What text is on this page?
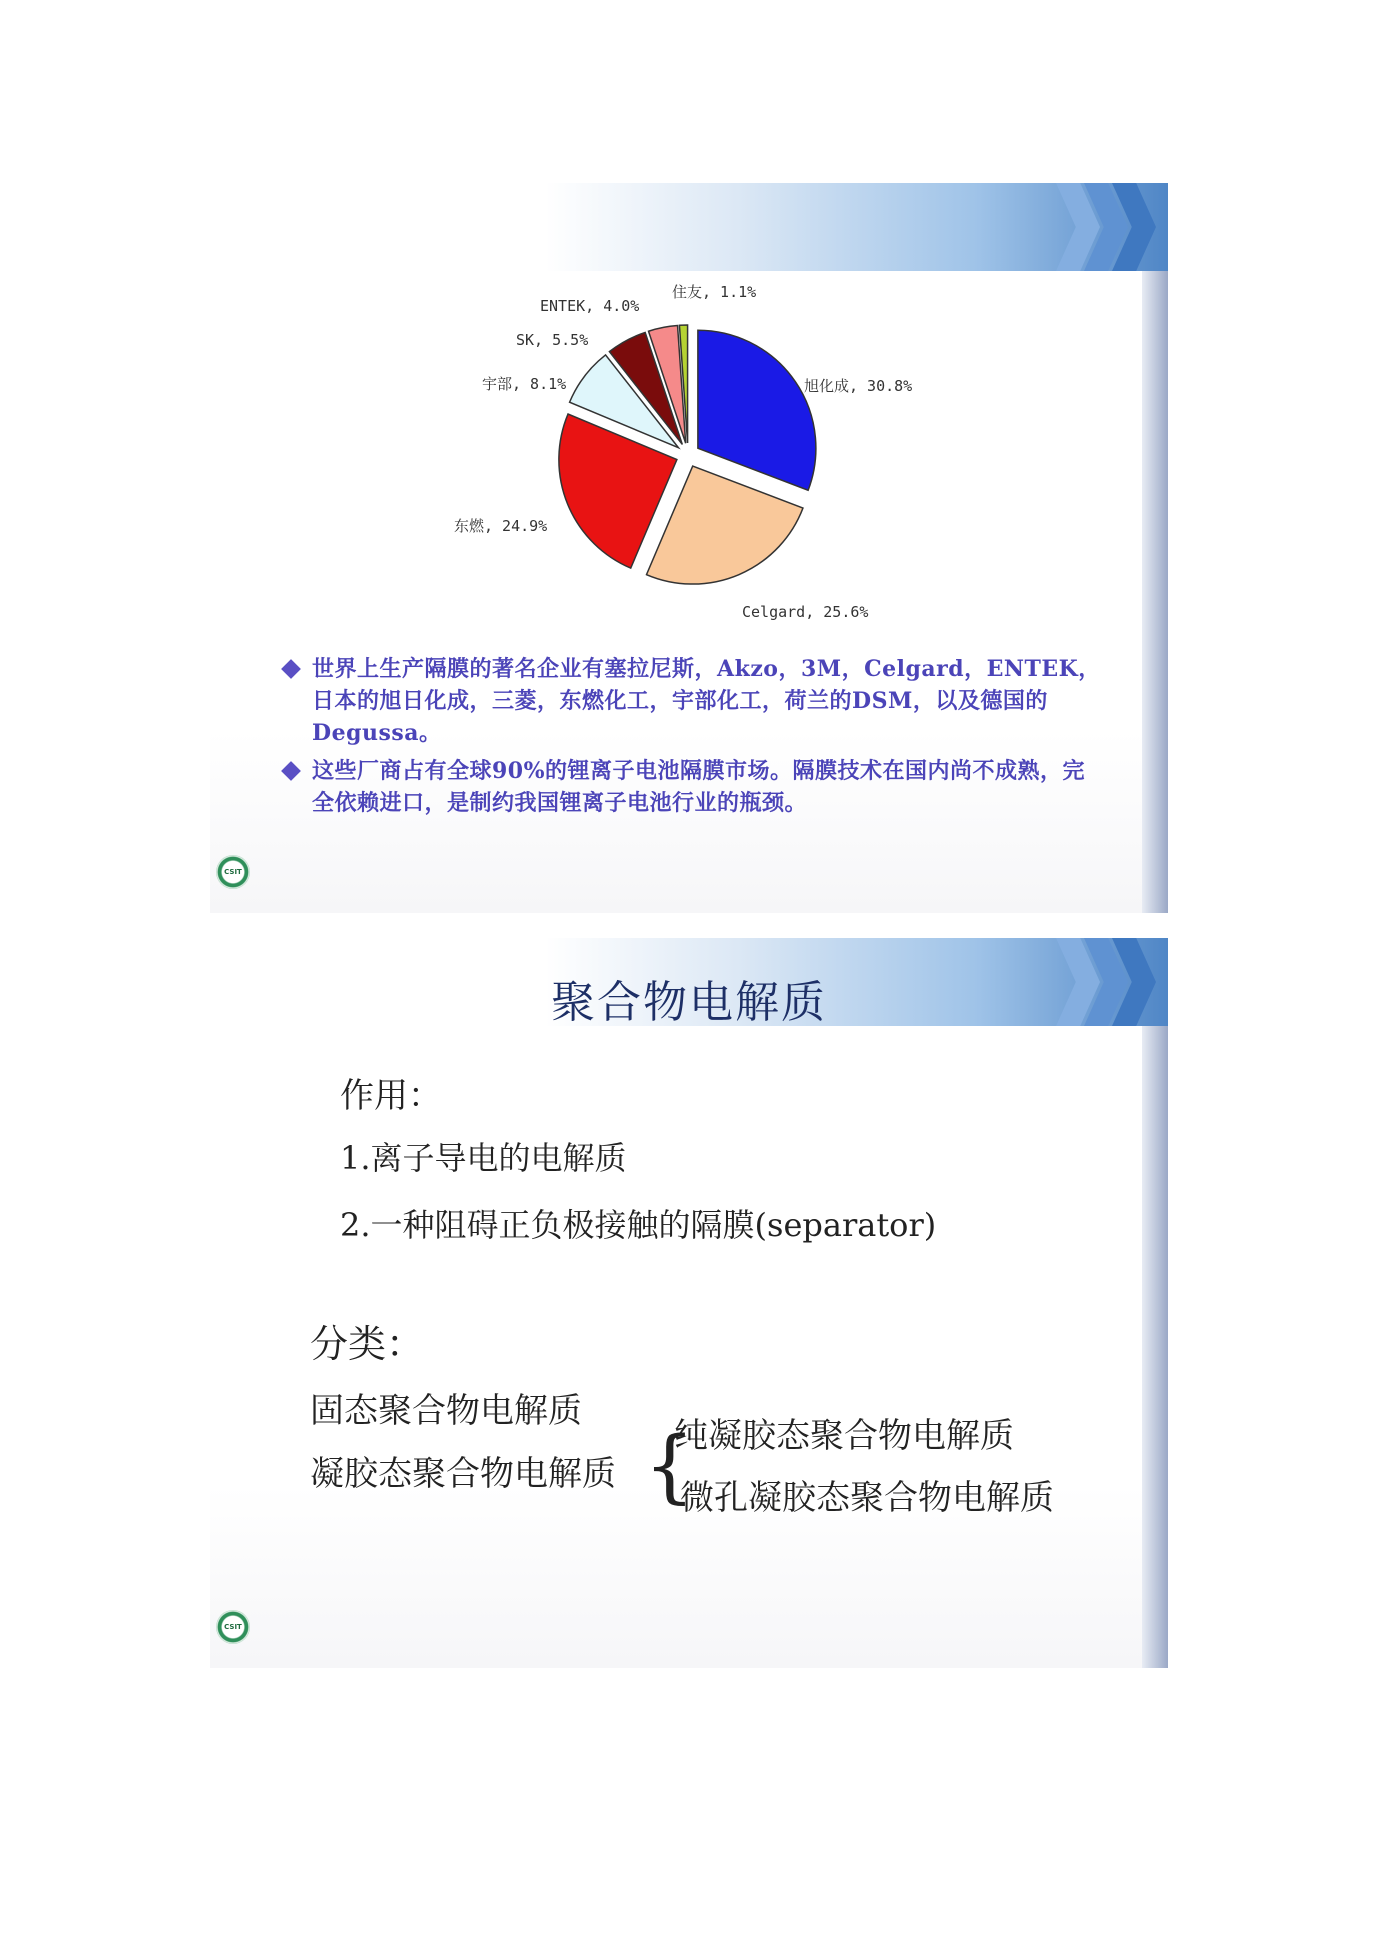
旭化成, 30.8%
Celgard, 25.6%
东燃, 24.9%
宇部, 8.1%
SK, 5.5%
ENTEK, 4.0%
住友, 1.1%
世界上生产隔膜的著名企业有塞拉尼斯，Akzo，3M，Celgard，ENTEK，日本的旭日化成，三菱，东燃化工，宇部化工，荷兰的DSM，以及德国的Degussa。
这些厂商占有全球90%的锂离子电池隔膜市场。隔膜技术在国内尚不成熟，完全依赖进口，是制约我国锂离子电池行业的瓶颈。
CSIT
聚合物电解质
作用：
1.离子导电的电解质
2.一种阻碍正负极接触的隔膜(separator)
分类：
固态聚合物电解质
凝胶态聚合物电解质 {
纯凝胶态聚合物电解质
微孔凝胶态聚合物电解质
CSIT
